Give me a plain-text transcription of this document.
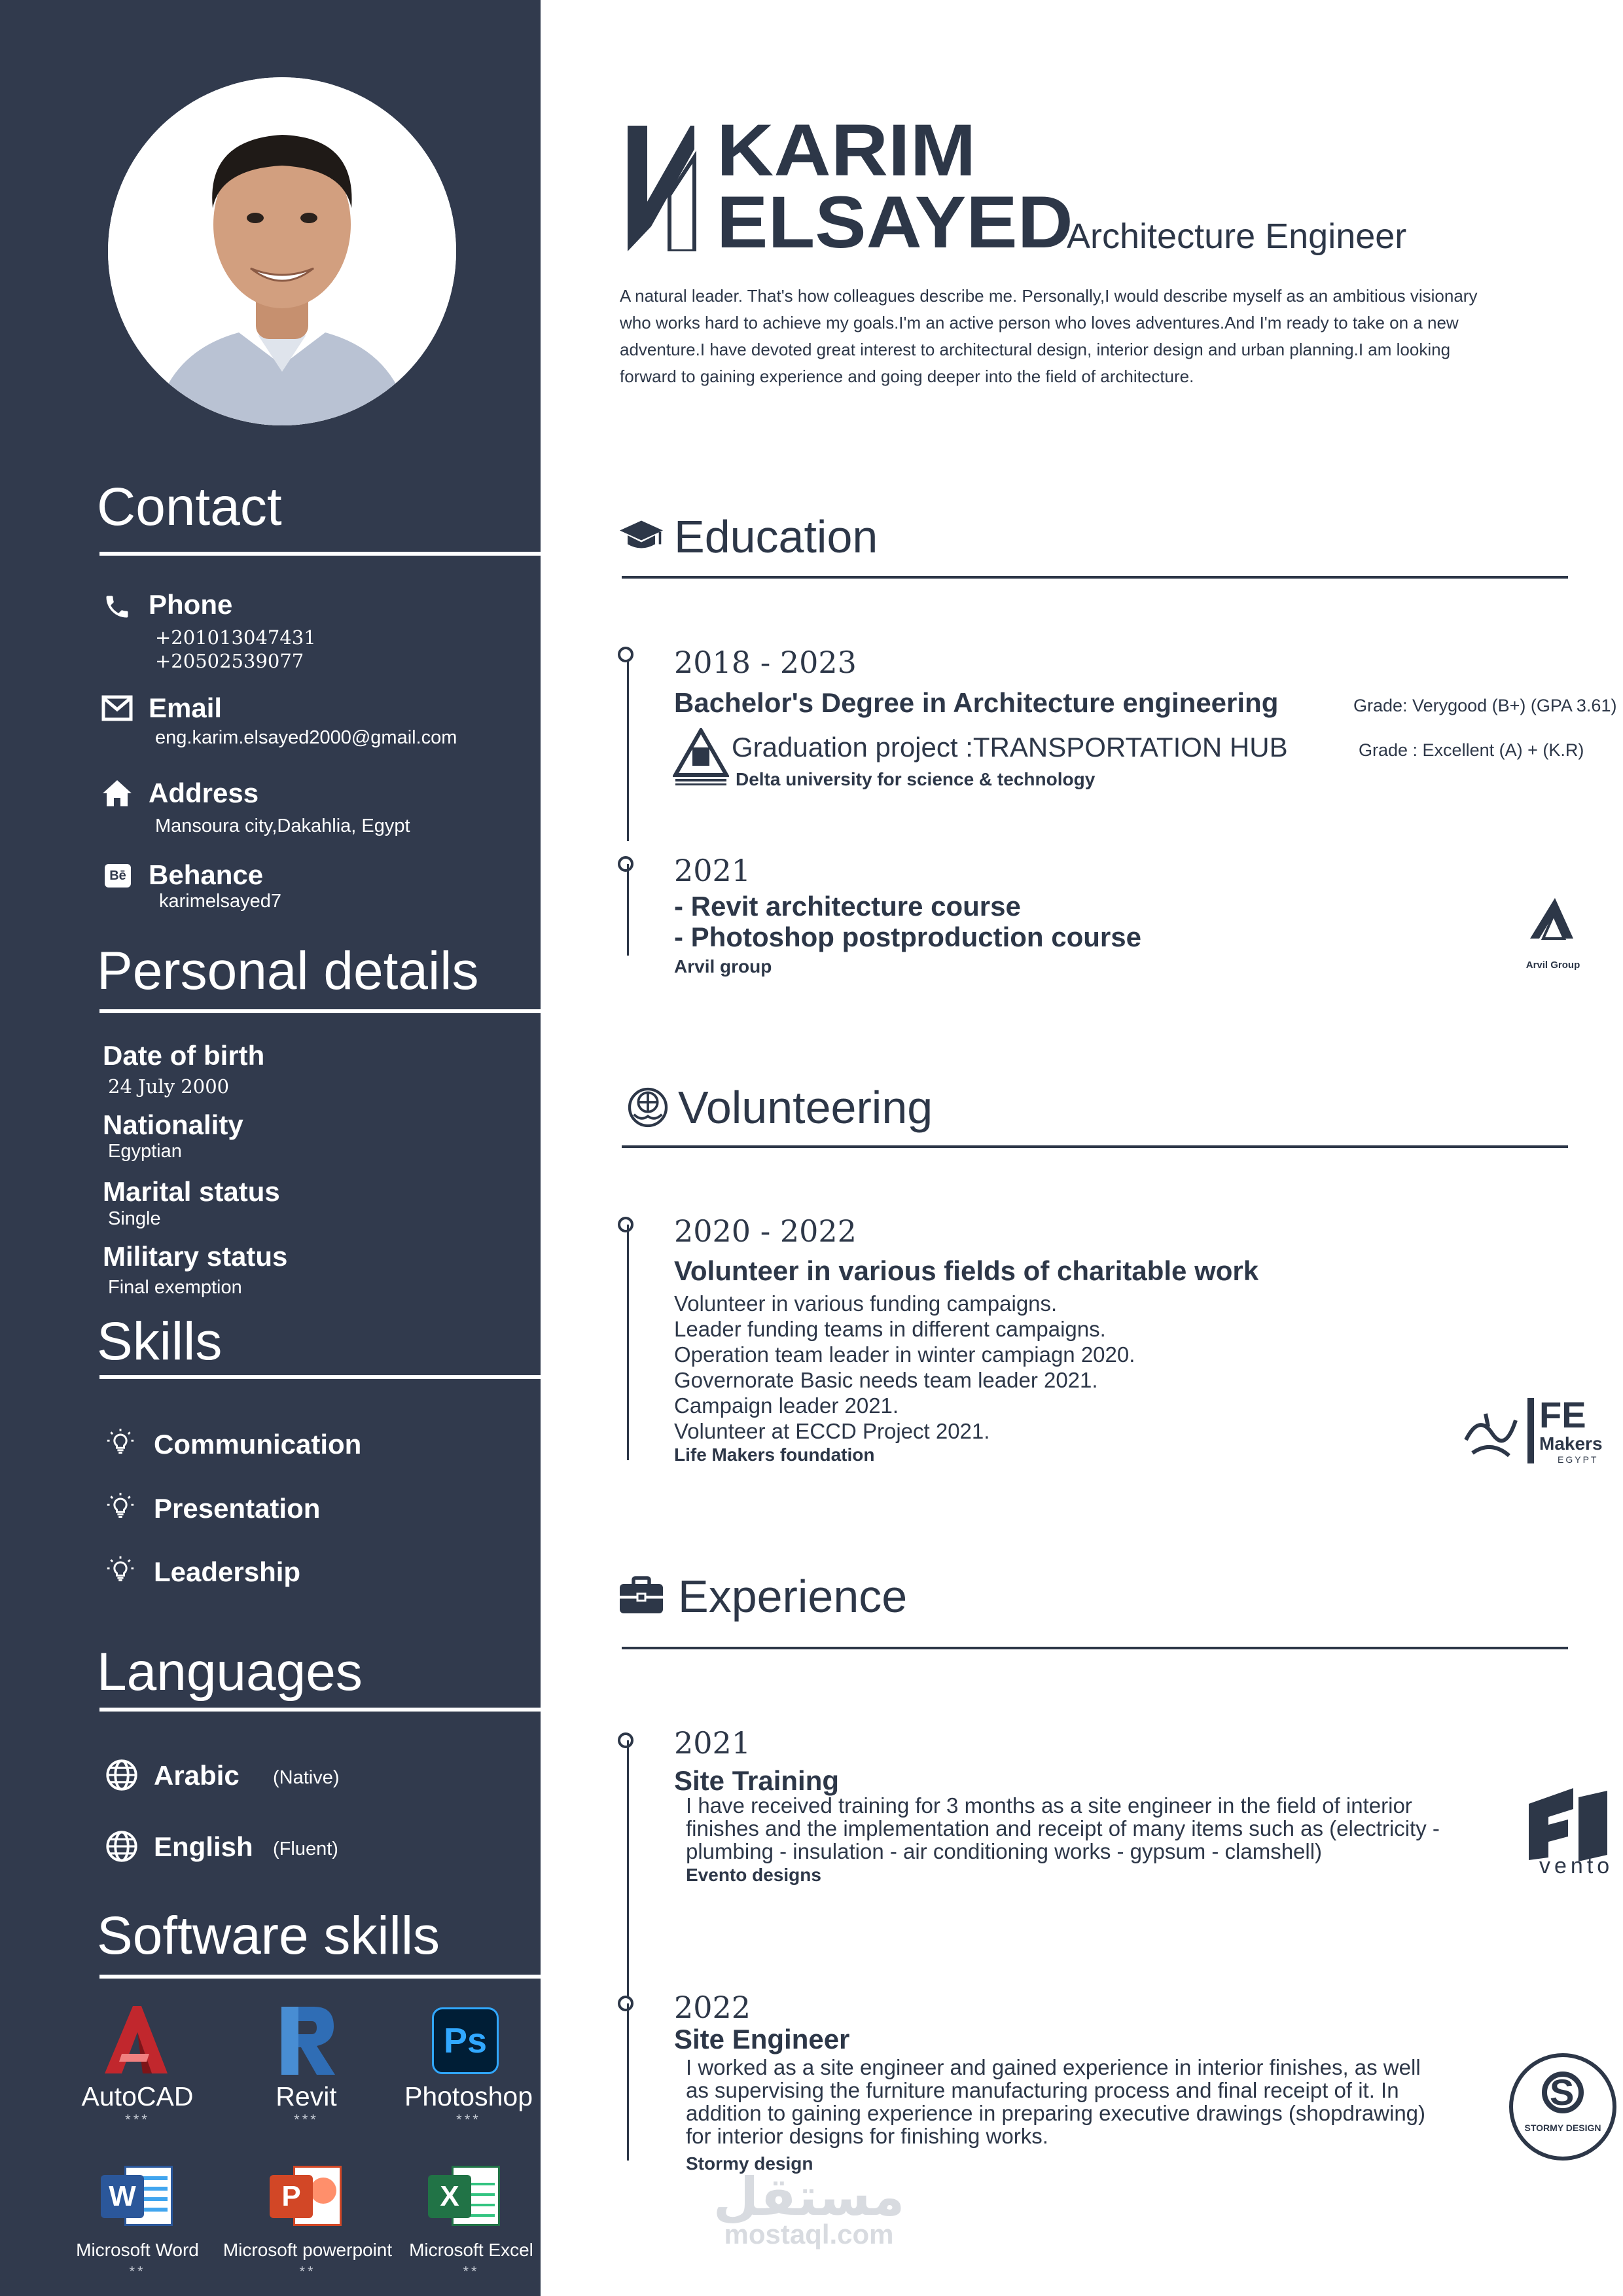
Contact
Phone
+201013047431
+20502539077
Email
eng.karim.elsayed2000@gmail.com
Address
Mansoura city,Dakahlia, Egypt
Bē Behance
karimelsayed7
Personal details
Date of birth
24 July 2000
Nationality
Egyptian
Marital status
Single
Military status
Final exemption
Skills
Communication
Presentation
Leadership
Languages
Arabic (Native)
English (Fluent)
Software skills
AutoCAD
***
Revit
***
Ps
Photoshop
***
W
Microsoft Word
**
P
Microsoft powerpoint
**
X
Microsoft Excel
**
KARIM
ELSAYED
Architecture Engineer
A natural leader. That's how colleagues describe me. Personally,I would describe myself as an ambitious visionary
who works hard to achieve my goals.I'm an active person who loves adventures.And I'm ready to take on a new
adventure.I have devoted great interest to architectural design, interior design and urban planning.I am looking
forward to gaining experience and going deeper into the field of architecture.
Education
2018 - 2023
Bachelor's Degree in Architecture engineering	Grade: Verygood (B+) (GPA 3.61)
Graduation project :TRANSPORTATION HUB	Grade : Excellent (A) + (K.R)
Delta university for science & technology
2021
- Revit architecture course
- Photoshop postproduction course
Arvil group	Arvil Group
Volunteering
2020 - 2022
Volunteer in various fields of charitable work
Volunteer in various funding campaigns.
Leader funding teams in different campaigns.
Operation team leader in winter campiagn 2020.
Governorate Basic needs team leader 2021.
Campaign leader 2021.
Volunteer at ECCD Project 2021.
Life Makers foundation
FE
Makers
EGYPT
Experience
2021
Site Training
I have received training for 3 months as a site engineer in the field of interior
finishes and the implementation and receipt of many items such as (electricity -
plumbing - insulation - air conditioning works - gypsum - clamshell)
Evento designs	vento
2022
Site Engineer
I worked as a site engineer and gained experience in interior finishes, as well
as supervising the furniture manufacturing process and final receipt of it. In
addition to gaining experience in preparing executive drawings (shopdrawing)
for interior designs for finishing works.
Stormy design
S
STORMY DESIGN
مستقل
mostaql.com
